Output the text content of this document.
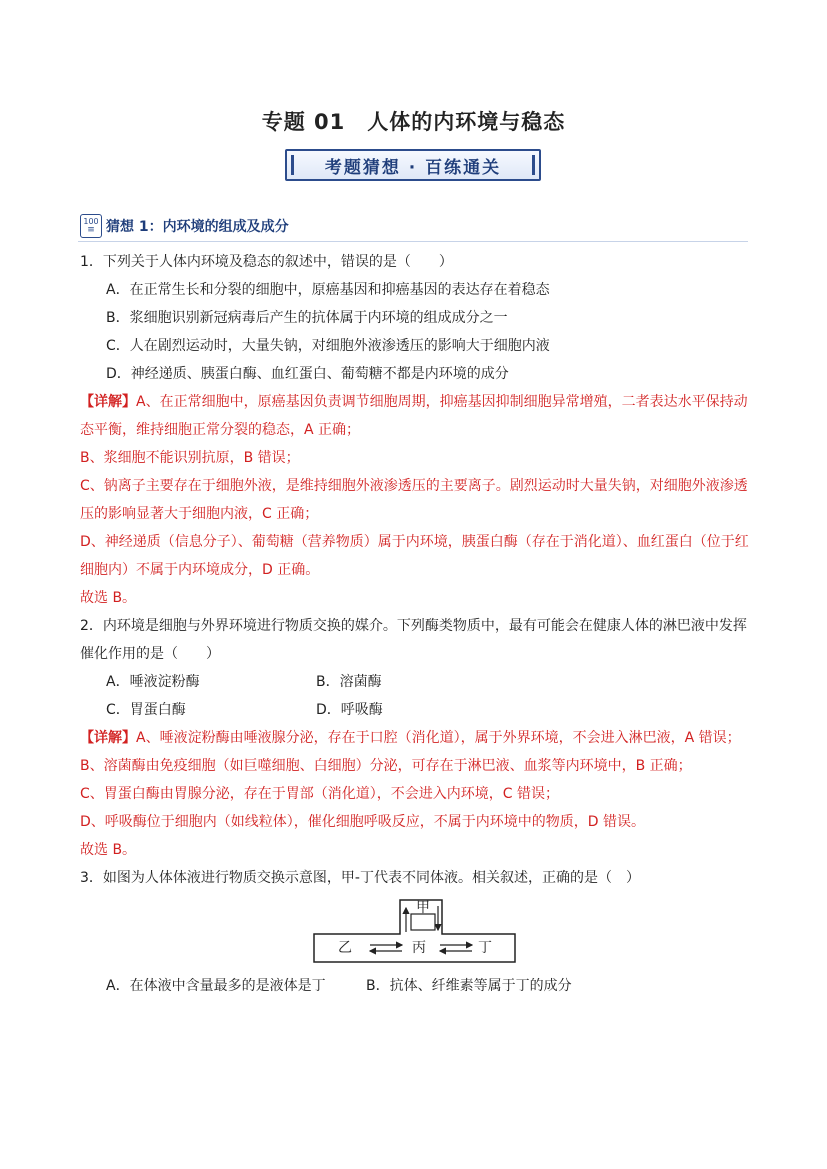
专题 01　人体的内环境与稳态
考题猜想 · 百练通关
100
≡ 猜想 1：内环境的组成及成分

1．下列关于人体内环境及稳态的叙述中，错误的是（　　）

A．在正常生长和分裂的细胞中，原癌基因和抑癌基因的表达存在着稳态

B．浆细胞识别新冠病毒后产生的抗体属于内环境的组成成分之一

C．人在剧烈运动时，大量失钠，对细胞外液渗透压的影响大于细胞内液

D．神经递质、胰蛋白酶、血红蛋白、葡萄糖不都是内环境的成分

【详解】A、在正常细胞中，原癌基因负责调节细胞周期，抑癌基因抑制细胞异常增殖，二者表达水平保持动态平衡，维持细胞正常分裂的稳态，A 正确；

B、浆细胞不能识别抗原，B 错误；

C、钠离子主要存在于细胞外液，是维持细胞外液渗透压的主要离子。剧烈运动时大量失钠，对细胞外液渗透压的影响显著大于细胞内液，C 正确；

D、神经递质（信息分子）、葡萄糖（营养物质）属于内环境，胰蛋白酶（存在于消化道）、血红蛋白（位于红细胞内）不属于内环境成分，D 正确。

故选 B。

2．内环境是细胞与外界环境进行物质交换的媒介。下列酶类物质中，最有可能会在健康人体的淋巴液中发挥催化作用的是（　　）

A．唾液淀粉酶	B．溶菌酶
C．胃蛋白酶	D．呼吸酶

【详解】A、唾液淀粉酶由唾液腺分泌，存在于口腔（消化道），属于外界环境，不会进入淋巴液，A 错误；

B、溶菌酶由免疫细胞（如巨噬细胞、白细胞）分泌，可存在于淋巴液、血浆等内环境中，B 正确；

C、胃蛋白酶由胃腺分泌，存在于胃部（消化道），不会进入内环境，C 错误；

D、呼吸酶位于细胞内（如线粒体），催化细胞呼吸反应，不属于内环境中的物质，D 错误。

故选 B。

3．如图为人体体液进行物质交换示意图，甲-丁代表不同体液。相关叙述，正确的是（　）

甲
乙	丙	丁
A．在体液中含量最多的是液体是丁	B．抗体、纤维素等属于丁的成分
